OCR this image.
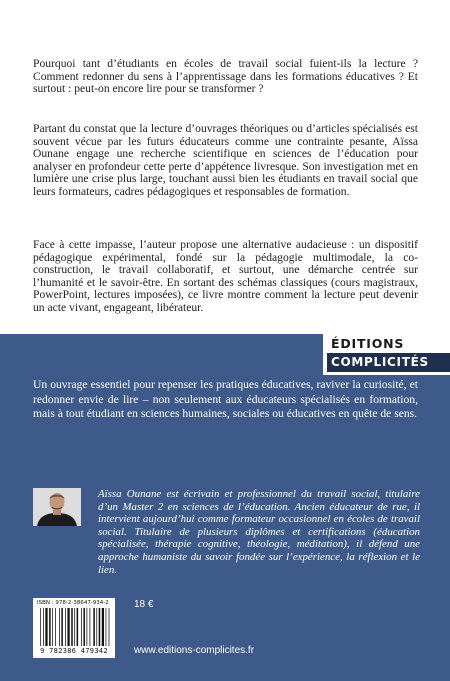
Pourquoi tant d’étudiants en écoles de travail social fuient-ils la lecture ? Comment redonner du sens à l’apprentissage dans les formations éducatives ? Et surtout : peut-on encore lire pour se transformer ?

Partant du constat que la lecture d’ouvrages théoriques ou d’articles spécialisés est souvent vécue par les futurs éducateurs comme une contrainte pesante, Aïssa Ounane engage une recherche scientifique en sciences de l’éducation pour analyser en profondeur cette perte d’appétence livresque. Son investigation met en lumière une crise plus large, touchant aussi bien les étudiants en travail social que leurs formateurs, cadres pédagogiques et responsables de formation.

Face à cette impasse, l’auteur propose une alternative audacieuse : un dispositif pédagogique expérimental, fondé sur la pédagogie multimodale, la co-construction, le travail collaboratif, et surtout, une démarche centrée sur l’humanité et le savoir-être. En sortant des schémas classiques (cours magistraux, PowerPoint, lectures imposées), ce livre montre comment la lecture peut devenir un acte vivant, engageant, libérateur.

ÉDITIONS
COMPLICITÉS

Un ouvrage essentiel pour repenser les pratiques éducatives, raviver la curiosité, et redonner envie de lire – non seulement aux éducateurs spécialisés en formation, mais à tout étudiant en sciences humaines, sociales ou éducatives en quête de sens.

Aïssa Ounane est écrivain et professionnel du travail social, titulaire d’un Master 2 en sciences de l’éducation. Ancien éducateur de rue, il intervient aujourd’hui comme formateur occasionnel en écoles de travail social. Titulaire de plusieurs diplômes et certifications (éducation spécialisée, thérapie cognitive, théologie, méditation), il défend une approche humaniste du savoir fondée sur l’expérience, la réflexion et le lien.

ISBN : 978-2-38647-934-2
9 782386 479342
18 €
www.editions-complicites.fr
